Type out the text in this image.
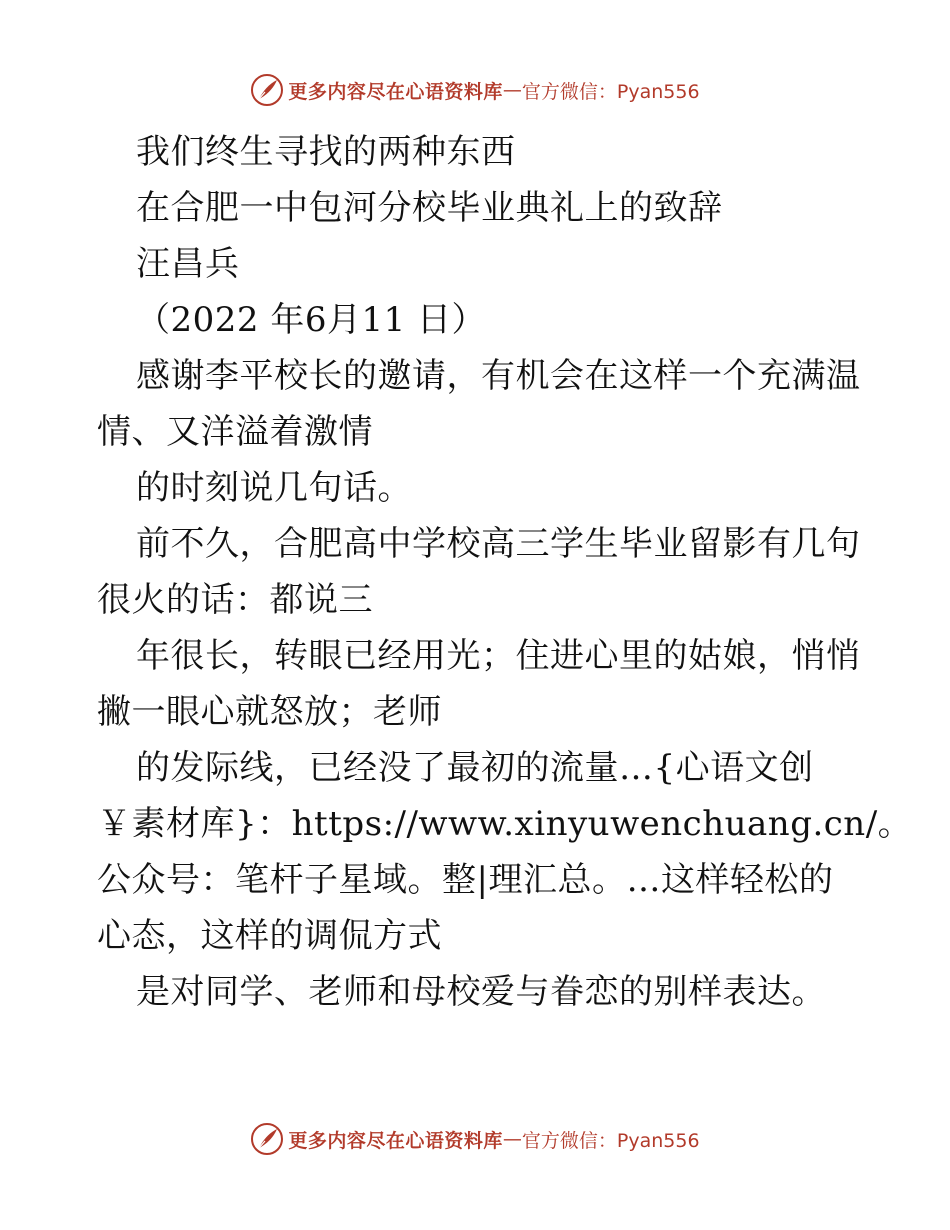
更多内容尽在心语资料库 — 官方微信：Pyan556
我们终生寻找的两种东西
在合肥一中包河分校毕业典礼上的致辞
汪昌兵
（2022 年6月11 日）
感谢李平校长的邀请，有机会在这样一个充满温
情、又洋溢着激情
的时刻说几句话。
前不久，合肥高中学校高三学生毕业留影有几句
很火的话：都说三
年很长，转眼已经用光；住进心里的姑娘，悄悄
撇一眼心就怒放；老师
的发际线，已经没了最初的流量…{心语文创
￥素材库}：https://www.xinyuwenchuang.cn/。
公众号：笔杆子星域。整|理汇总。…这样轻松的
心态，这样的调侃方式
是对同学、老师和母校爱与眷恋的别样表达。
更多内容尽在心语资料库 — 官方微信：Pyan556
